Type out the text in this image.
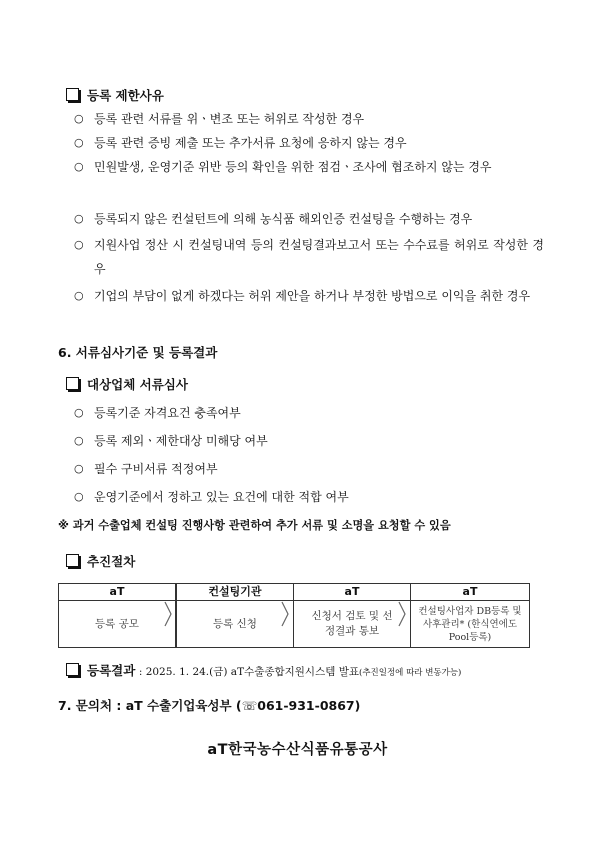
등록 제한사유
○ 등록 관련 서류를 위ㆍ변조 또는 허위로 작성한 경우
○ 등록 관련 증빙 제출 또는 추가서류 요청에 응하지 않는 경우
○ 민원발생, 운영기준 위반 등의 확인을 위한 점검ㆍ조사에 협조하지 않는 경우
○ 등록되지 않은 컨설턴트에 의해 농식품 해외인증 컨설팅을 수행하는 경우
○ 지원사업 정산 시 컨설팅내역 등의 컨설팅결과보고서 또는 수수료를 허위로 작성한 경우
○ 기업의 부담이 없게 하겠다는 허위 제안을 하거나 부정한 방법으로 이익을 취한 경우
6. 서류심사기준 및 등록결과
대상업체 서류심사
○ 등록기준 자격요건 충족여부
○ 등록 제외ㆍ제한대상 미해당 여부
○ 필수 구비서류 적정여부
○ 운영기준에서 정하고 있는 요건에 대한 적합 여부
※ 과거 수출업체 컨설팅 진행사항 관련하여 추가 서류 및 소명을 요청할 수 있음
추진절차
aT
등록 공모
컨설팅기관
등록 신청
aT
신청서 검토 및 선정결과 통보
aT
컨설팅사업자 DB등록 및 사후관리* (한식연에도 Pool등록)
등록결과 : 2025. 1. 24.(금) aT수출종합지원시스템 발표(추진일정에 따라 변동가능)
7. 문의처 : aT 수출기업육성부 (☏061-931-0867)
aT한국농수산식품유통공사
